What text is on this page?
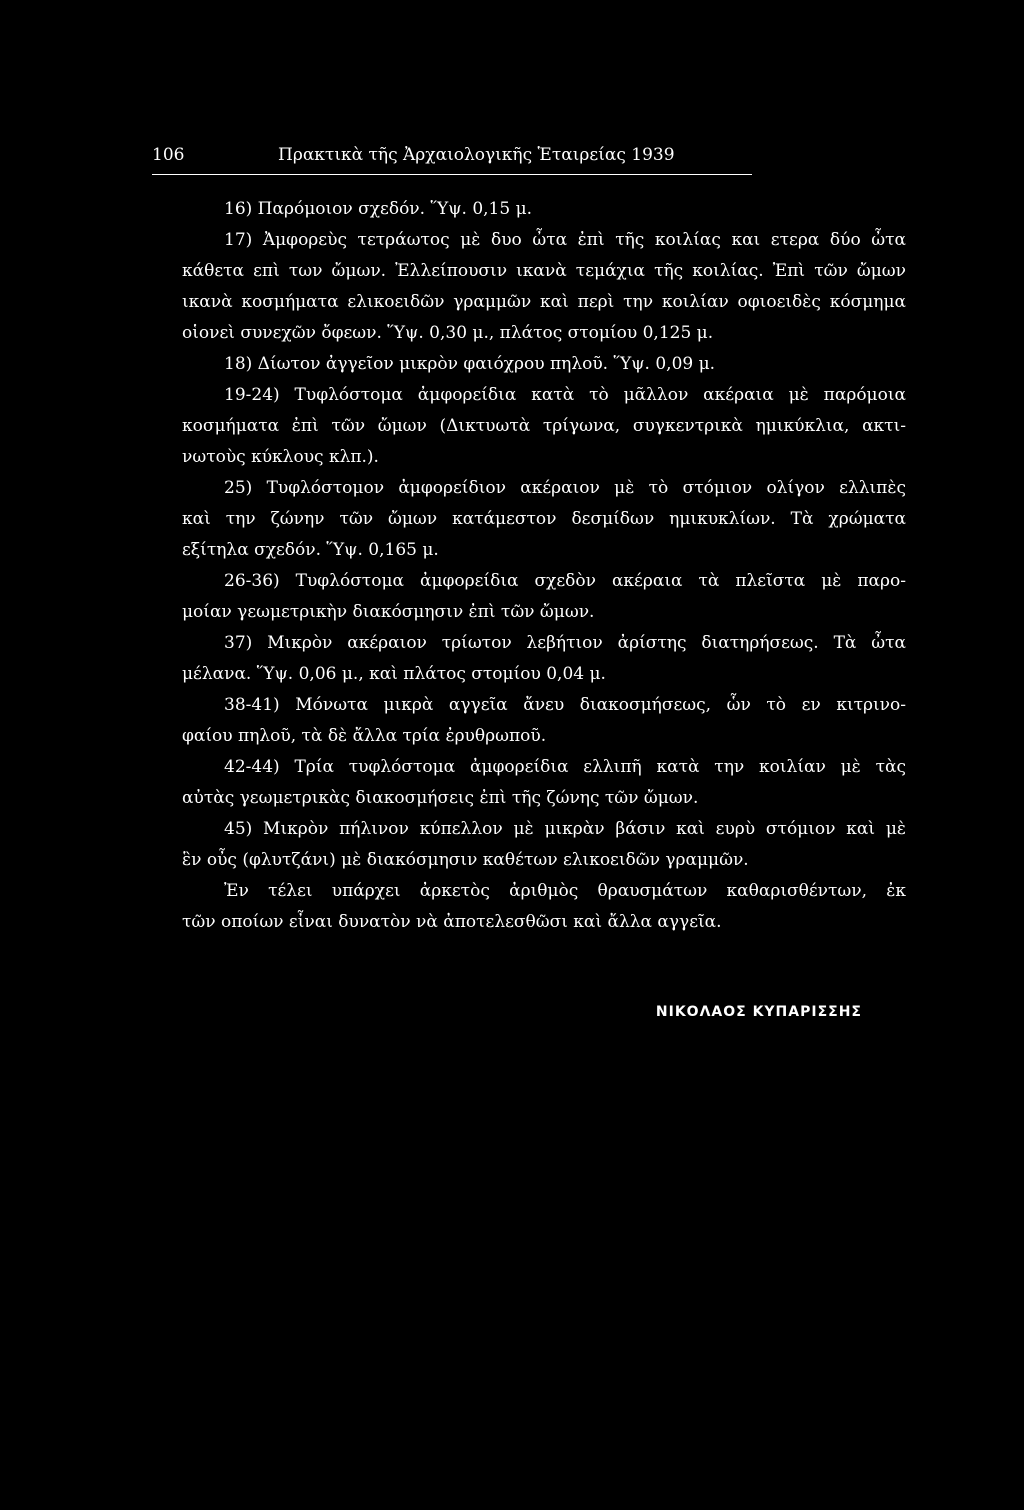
106	Πρακτικὰ τῆς Ἀρχαιολογικῆς Ἑταιρείας 1939
16) Παρόμοιον σχεδόν. Ὕψ. 0,15 μ.
17) Ἀμφορεὺς τετράωτος μὲ δυο ὦτα ἐπὶ τῆς κοιλίας και ετερα δύο ὦτα
κάθετα επὶ των ὤμων. Ἐλλείπουσιν ικανὰ τεμάχια τῆς κοιλίας. Ἐπὶ τῶν ὤμων
ικανὰ κοσμήματα ελικοειδῶν γραμμῶν καὶ περὶ την κοιλίαν οφιοειδὲς κόσμημα
οἱονεὶ συνεχῶν ὄφεων. Ὕψ. 0,30 μ., πλάτος στομίου 0,125 μ.
18) Δίωτον ἀγγεῖον μικρὸν φαιόχρου πηλοῦ. Ὕψ. 0,09 μ.
19-24) Τυφλόστομα ἀμφορείδια κατὰ τὸ μᾶλλον ακέραια μὲ παρόμοια
κοσμήματα ἐπὶ τῶν ὤμων (Δικτυωτὰ τρίγωνα, συγκεντρικὰ ημικύκλια, ακτι-
νωτοὺς κύκλους κλπ.).
25) Τυφλόστομον ἀμφορείδιον ακέραιον μὲ τὸ στόμιον ολίγον ελλιπὲς
καὶ την ζώνην τῶν ὤμων κατάμεστον δεσμίδων ημικυκλίων. Τὰ χρώματα
εξίτηλα σχεδόν. Ὕψ. 0,165 μ.
26-36) Τυφλόστομα ἀμφορείδια σχεδὸν ακέραια τὰ πλεῖστα μὲ παρο-
μοίαν γεωμετρικὴν διακόσμησιν ἐπὶ τῶν ὤμων.
37) Μικρὸν ακέραιον τρίωτον λεβήτιον ἀρίστης διατηρήσεως. Τὰ ὦτα
μέλανα. Ὕψ. 0,06 μ., καὶ πλάτος στομίου 0,04 μ.
38-41) Μόνωτα μικρὰ αγγεῖα ἄνευ διακοσμήσεως, ὧν τὸ εν κιτρινο-
φαίου πηλοῦ, τὰ δὲ ἄλλα τρία ἐρυθρωποῦ.
42-44) Τρία τυφλόστομα ἀμφορείδια ελλιπῆ κατὰ την κοιλίαν μὲ τὰς
αὐτὰς γεωμετρικὰς διακοσμήσεις ἐπὶ τῆς ζώνης τῶν ὤμων.
45) Μικρὸν πήλινον κύπελλον μὲ μικρὰν βάσιν καὶ ευρὺ στόμιον καὶ μὲ
ἓν οὖς (φλυτζάνι) μὲ διακόσμησιν καθέτων ελικοειδῶν γραμμῶν.
Ἐν τέλει υπάρχει ἀρκετὸς ἀριθμὸς θραυσμάτων καθαρισθέντων, ἐκ
τῶν οποίων εἶναι δυνατὸν νὰ ἀποτελεσθῶσι καὶ ἄλλα αγγεῖα.
ΝΙΚΟΛΑΟΣ ΚΥΠΑΡΙΣΣΗΣ
